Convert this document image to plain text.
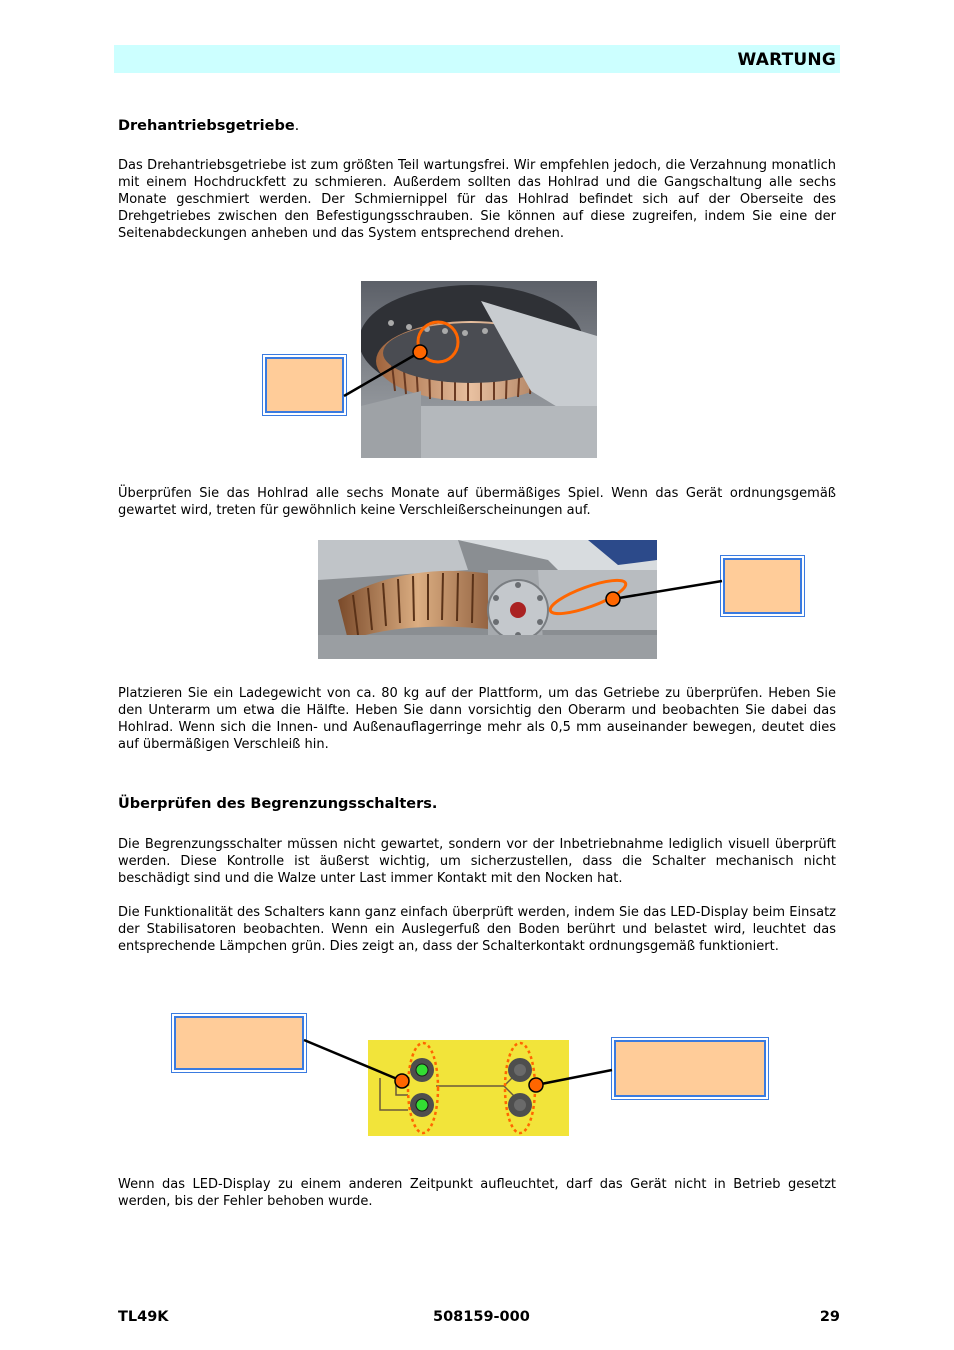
WARTUNG
Drehantriebsgetriebe.

Das Drehantriebsgetriebe ist zum größten Teil wartungsfrei. Wir empfehlen jedoch, die Verzahnung monatlich mit einem Hochdruckfett zu schmieren. Außerdem sollten das Hohlrad und die Gangschaltung alle sechs Monate geschmiert werden. Der Schmiernippel für das Hohlrad befindet sich auf der Oberseite des Drehgetriebes zwischen den Befestigungsschrauben. Sie können auf diese zugreifen, indem Sie eine der Seitenabdeckungen anheben und das System entsprechend drehen.

Überprüfen Sie das Hohlrad alle sechs Monate auf übermäßiges Spiel. Wenn das Gerät ordnungsgemäß gewartet wird, treten für gewöhnlich keine Verschleißerscheinungen auf.

Platzieren Sie ein Ladegewicht von ca. 80 kg auf der Plattform, um das Getriebe zu überprüfen. Heben Sie den Unterarm um etwa die Hälfte. Heben Sie dann vorsichtig den Oberarm und beobachten Sie dabei das Hohlrad. Wenn sich die Innen- und Außenauflagerringe mehr als 0,5 mm auseinander bewegen, deutet dies auf übermäßigen Verschleiß hin.

Überprüfen des Begrenzungsschalters.

Die Begrenzungsschalter müssen nicht gewartet, sondern vor der Inbetriebnahme lediglich visuell überprüft werden. Diese Kontrolle ist äußerst wichtig, um sicherzustellen, dass die Schalter mechanisch nicht beschädigt sind und die Walze unter Last immer Kontakt mit den Nocken hat.

Die Funktionalität des Schalters kann ganz einfach überprüft werden, indem Sie das LED-Display beim Einsatz der Stabilisatoren beobachten. Wenn ein Auslegerfuß den Boden berührt und belastet wird, leuchtet das entsprechende Lämpchen grün. Dies zeigt an, dass der Schalterkontakt ordnungsgemäß funktioniert.

Wenn das LED-Display zu einem anderen Zeitpunkt aufleuchtet, darf das Gerät nicht in Betrieb gesetzt werden, bis der Fehler behoben wurde.

TL49K	508159-000	29
